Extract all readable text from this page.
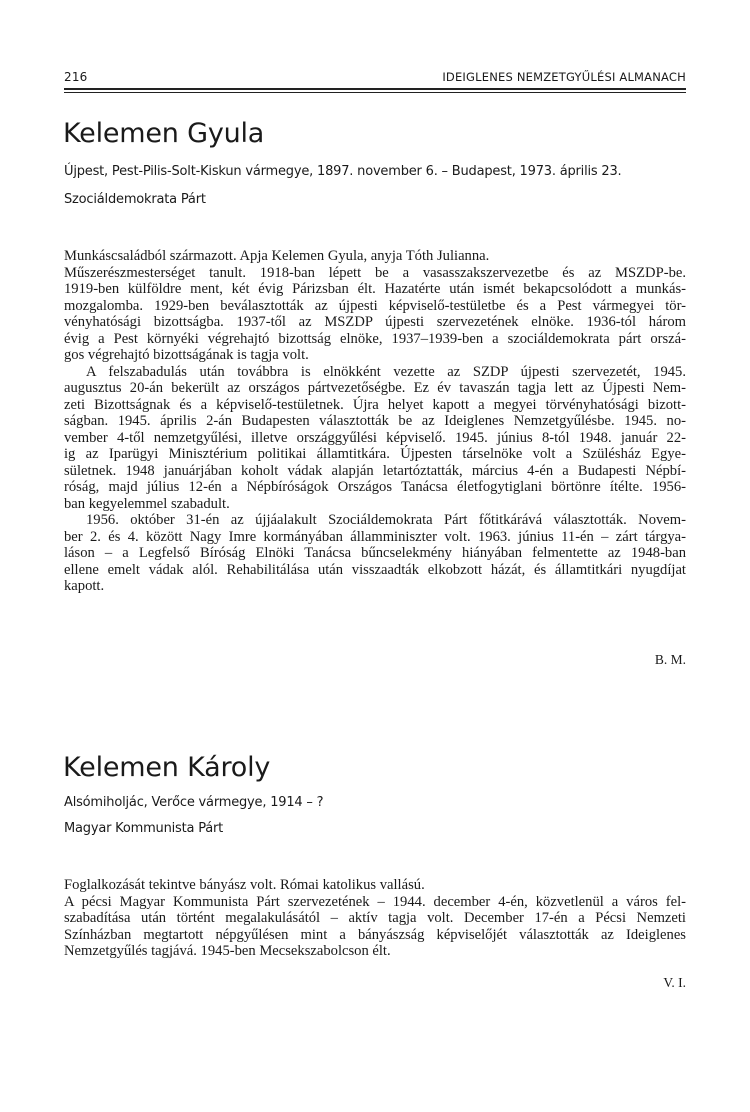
216	IDEIGLENES NEMZETGYŰLÉSI ALMANACH
Kelemen Gyula
Újpest, Pest-Pilis-Solt-Kiskun vármegye, 1897. november 6. – Budapest, 1973. április 23.
Szociáldemokrata Párt
Munkáscsaládból származott. Apja Kelemen Gyula, anyja Tóth Julianna.
Műszerészmesterséget tanult. 1918-ban lépett be a vasasszakszervezetbe és az MSZDP-be.
1919-ben külföldre ment, két évig Párizsban élt. Hazatérte után ismét bekapcsolódott a munkás-
mozgalomba. 1929-ben beválasztották az újpesti képviselő-testületbe és a Pest vármegyei tör-
vényhatósági bizottságba. 1937-től az MSZDP újpesti szervezetének elnöke. 1936-tól három
évig a Pest környéki végrehajtó bizottság elnöke, 1937–1939-ben a szociáldemokrata párt orszá-
gos végrehajtó bizottságának is tagja volt.
A felszabadulás után továbbra is elnökként vezette az SZDP újpesti szervezetét, 1945.
augusztus 20-án bekerült az országos pártvezetőségbe. Ez év tavaszán tagja lett az Újpesti Nem-
zeti Bizottságnak és a képviselő-testületnek. Újra helyet kapott a megyei törvényhatósági bizott-
ságban. 1945. április 2-án Budapesten választották be az Ideiglenes Nemzetgyűlésbe. 1945. no-
vember 4-től nemzetgyűlési, illetve országgyűlési képviselő. 1945. június 8-tól 1948. január 22-
ig az Iparügyi Minisztérium politikai államtitkára. Újpesten társelnöke volt a Szülésház Egye-
sületnek. 1948 januárjában koholt vádak alapján letartóztatták, március 4-én a Budapesti Népbí-
róság, majd július 12-én a Népbíróságok Országos Tanácsa életfogytiglani börtönre ítélte. 1956-
ban kegyelemmel szabadult.
1956. október 31-én az újjáalakult Szociáldemokrata Párt főtitkárává választották. Novem-
ber 2. és 4. között Nagy Imre kormányában államminiszter volt. 1963. június 11-én – zárt tárgya-
láson – a Legfelső Bíróság Elnöki Tanácsa bűncselekmény hiányában felmentette az 1948-ban
ellene emelt vádak alól. Rehabilitálása után visszaadták elkobzott házát, és államtitkári nyugdíjat
kapott.
B. M.
Kelemen Károly
Alsómiholjác, Verőce vármegye, 1914 – ?
Magyar Kommunista Párt
Foglalkozását tekintve bányász volt. Római katolikus vallású.
A pécsi Magyar Kommunista Párt szervezetének – 1944. december 4-én, közvetlenül a város fel-
szabadítása után történt megalakulásától – aktív tagja volt. December 17-én a Pécsi Nemzeti
Színházban megtartott népgyűlésen mint a bányászság képviselőjét választották az Ideiglenes
Nemzetgyűlés tagjává. 1945-ben Mecsekszabolcson élt.
V. I.
